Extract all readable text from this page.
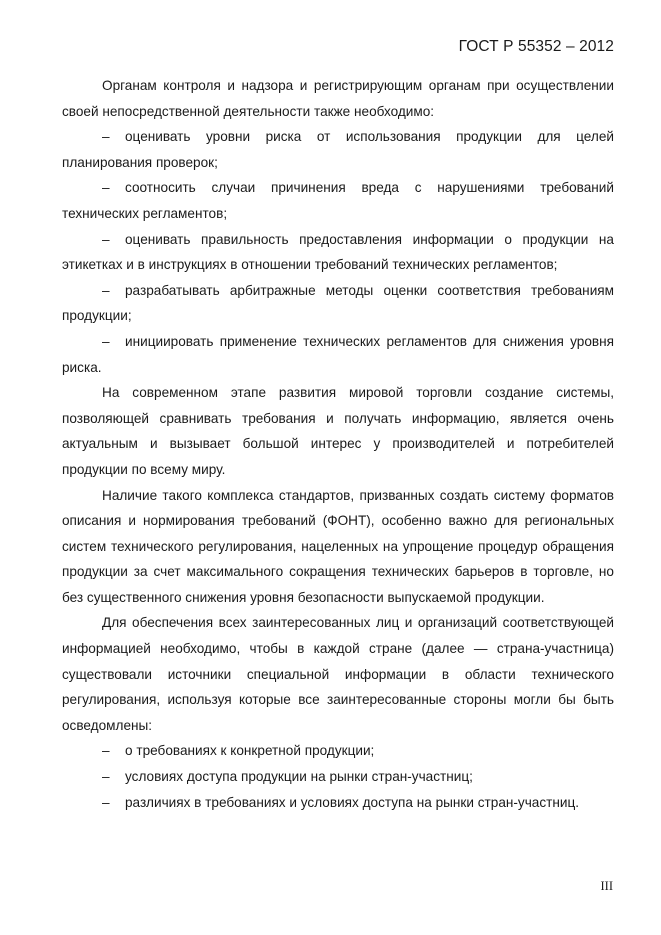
ГОСТ Р 55352 – 2012

Органам контроля и надзора и регистрирующим органам при осуществлении своей непосредственной деятельности также необходимо:

– оценивать уровни риска от использования продукции для целей планирования проверок;

– соотносить случаи причинения вреда с нарушениями требований технических регламентов;

– оценивать правильность предоставления информации о продукции на этикетках и в инструкциях в отношении требований технических регламентов;

– разрабатывать арбитражные методы оценки соответствия требованиям продукции;

– инициировать применение технических регламентов для снижения уровня риска.

На современном этапе развития мировой торговли создание системы, позволяющей сравнивать требования и получать информацию, является очень актуальным и вызывает большой интерес у производителей и потребителей продукции по всему миру.

Наличие такого комплекса стандартов, призванных создать систему форматов описания и нормирования требований (ФОНТ), особенно важно для региональных систем технического регулирования, нацеленных на упрощение процедур обращения продукции за счет максимального сокращения технических барьеров в торговле, но без существенного снижения уровня безопасности выпускаемой продукции.

Для обеспечения всех заинтересованных лиц и организаций соответствующей информацией необходимо, чтобы в каждой стране (далее — страна-участница) существовали источники специальной информации в области технического регулирования, используя которые все заинтересованные стороны могли бы быть осведомлены:

– о требованиях к конкретной продукции;

– условиях доступа продукции на рынки стран-участниц;

– различиях в требованиях и условиях доступа на рынки стран-участниц.

III
